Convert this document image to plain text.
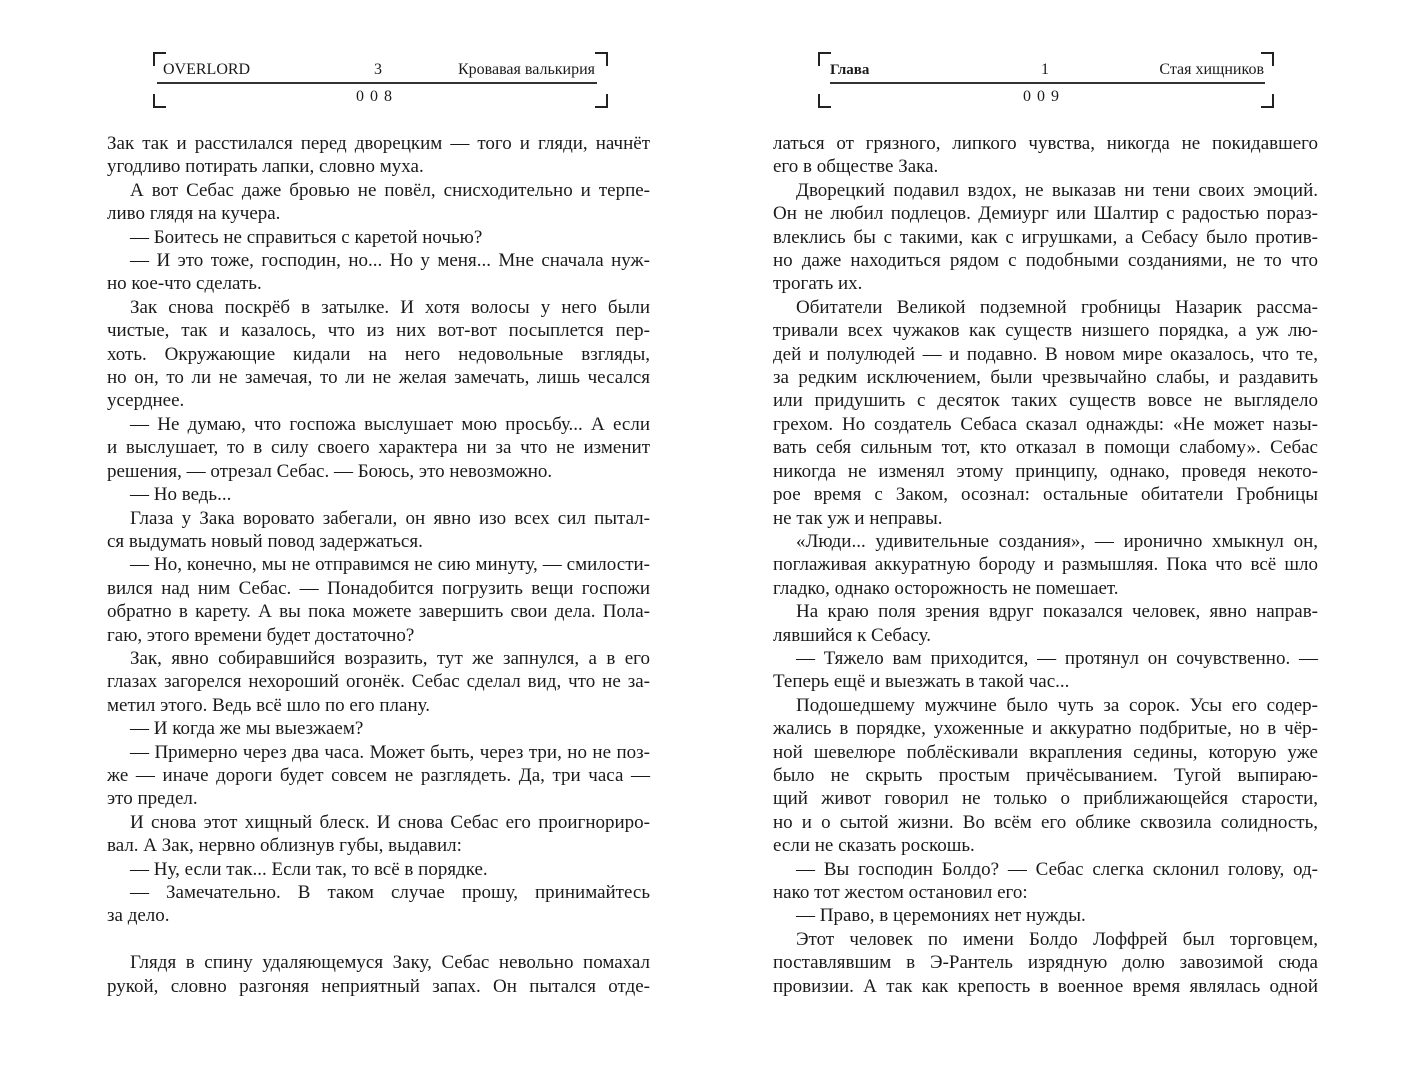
OVERLORD	3	Кровавая валькирия
008
Зак так и расстилался перед дворецким — того и гляди, начнёт
угодливо потирать лапки, словно муха.
А вот Себас даже бровью не повёл, снисходительно и терпе-
ливо глядя на кучера.
— Боитесь не справиться с каретой ночью?
— И это тоже, господин, но... Но у меня... Мне сначала нуж-
но кое-что сделать.
Зак снова поскрёб в затылке. И хотя волосы у него были
чистые, так и казалось, что из них вот-вот посыплется пер-
хоть. Окружающие кидали на него недовольные взгляды,
но он, то ли не замечая, то ли не желая замечать, лишь чесался
усерднее.
— Не думаю, что госпожа выслушает мою просьбу... А если
и выслушает, то в силу своего характера ни за что не изменит
решения, — отрезал Себас. — Боюсь, это невозможно.
— Но ведь...
Глаза у Зака воровато забегали, он явно изо всех сил пытал-
ся выдумать новый повод задержаться.
— Но, конечно, мы не отправимся не сию минуту, — смилости-
вился над ним Себас. — Понадобится погрузить вещи госпожи
обратно в карету. А вы пока можете завершить свои дела. Пола-
гаю, этого времени будет достаточно?
Зак, явно собиравшийся возразить, тут же запнулся, а в его
глазах загорелся нехороший огонёк. Себас сделал вид, что не за-
метил этого. Ведь всё шло по его плану.
— И когда же мы выезжаем?
— Примерно через два часа. Может быть, через три, но не поз-
же — иначе дороги будет совсем не разглядеть. Да, три часа —
это предел.
И снова этот хищный блеск. И снова Себас его проигнориро-
вал. А Зак, нервно облизнув губы, выдавил:
— Ну, если так... Если так, то всё в порядке.
— Замечательно. В таком случае прошу, принимайтесь
за дело.
Глядя в спину удаляющемуся Заку, Себас невольно помахал
рукой, словно разгоняя неприятный запах. Он пытался отде-
Глава	1	Стая хищников
009
латься от грязного, липкого чувства, никогда не покидавшего
его в обществе Зака.
Дворецкий подавил вздох, не выказав ни тени своих эмоций.
Он не любил подлецов. Демиург или Шалтир с радостью пораз-
влеклись бы с такими, как с игрушками, а Себасу было против-
но даже находиться рядом с подобными созданиями, не то что
трогать их.
Обитатели Великой подземной гробницы Назарик рассма-
тривали всех чужаков как существ низшего порядка, а уж лю-
дей и полулюдей — и подавно. В новом мире оказалось, что те,
за редким исключением, были чрезвычайно слабы, и раздавить
или придушить с десяток таких существ вовсе не выглядело
грехом. Но создатель Себаса сказал однажды: «Не может назы-
вать себя сильным тот, кто отказал в помощи слабому». Себас
никогда не изменял этому принципу, однако, проведя некото-
рое время с Заком, осознал: остальные обитатели Гробницы
не так уж и неправы.
«Люди... удивительные создания», — иронично хмыкнул он,
поглаживая аккуратную бороду и размышляя. Пока что всё шло
гладко, однако осторожность не помешает.
На краю поля зрения вдруг показался человек, явно направ-
лявшийся к Себасу.
— Тяжело вам приходится, — протянул он сочувственно. —
Теперь ещё и выезжать в такой час...
Подошедшему мужчине было чуть за сорок. Усы его содер-
жались в порядке, ухоженные и аккуратно подбритые, но в чёр-
ной шевелюре поблёскивали вкрапления седины, которую уже
было не скрыть простым причёсыванием. Тугой выпираю-
щий живот говорил не только о приближающейся старости,
но и о сытой жизни. Во всём его облике сквозила солидность,
если не сказать роскошь.
— Вы господин Болдо? — Себас слегка склонил голову, од-
нако тот жестом остановил его:
— Право, в церемониях нет нужды.
Этот человек по имени Болдо Лоффрей был торговцем,
поставлявшим в Э-Рантель изрядную долю завозимой сюда
провизии. А так как крепость в военное время являлась одной
